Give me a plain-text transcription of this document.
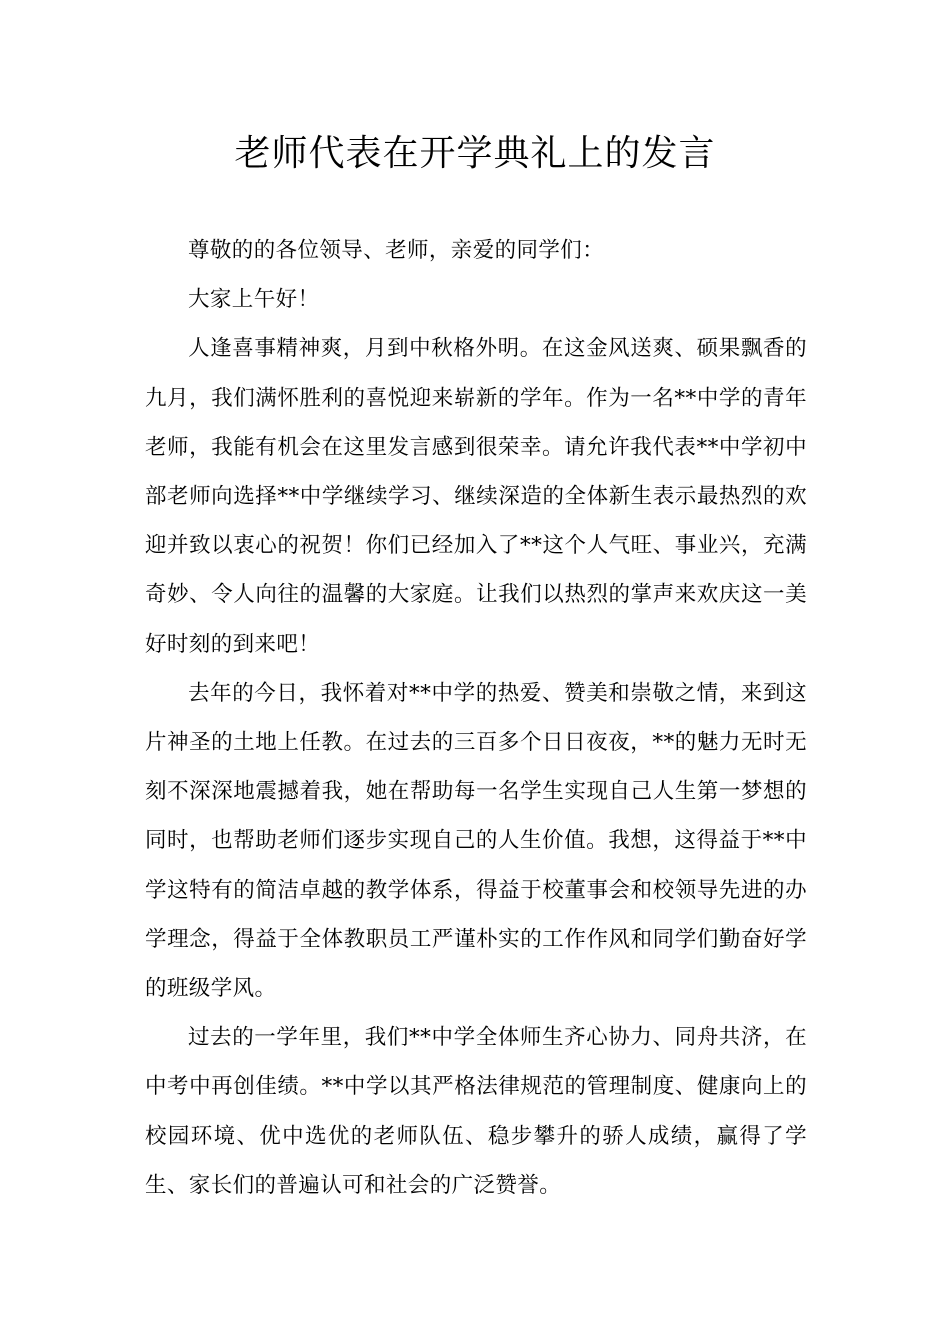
老师代表在开学典礼上的发言

尊敬的的各位领导、老师，亲爱的同学们：

大家上午好！

人逢喜事精神爽，月到中秋格外明。在这金风送爽、硕果飘香的九月，我们满怀胜利的喜悦迎来崭新的学年。作为一名**中学的青年老师，我能有机会在这里发言感到很荣幸。请允许我代表**中学初中部老师向选择**中学继续学习、继续深造的全体新生表示最热烈的欢迎并致以衷心的祝贺！你们已经加入了**这个人气旺、事业兴，充满奇妙、令人向往的温馨的大家庭。让我们以热烈的掌声来欢庆这一美好时刻的到来吧！

去年的今日，我怀着对**中学的热爱、赞美和崇敬之情，来到这片神圣的土地上任教。在过去的三百多个日日夜夜，**的魅力无时无刻不深深地震撼着我，她在帮助每一名学生实现自己人生第一梦想的同时，也帮助老师们逐步实现自己的人生价值。我想，这得益于**中学这特有的简洁卓越的教学体系，得益于校董事会和校领导先进的办学理念，得益于全体教职员工严谨朴实的工作作风和同学们勤奋好学的班级学风。

过去的一学年里，我们**中学全体师生齐心协力、同舟共济，在中考中再创佳绩。**中学以其严格法律规范的管理制度、健康向上的校园环境、优中选优的老师队伍、稳步攀升的骄人成绩，赢得了学生、家长们的普遍认可和社会的广泛赞誉。
